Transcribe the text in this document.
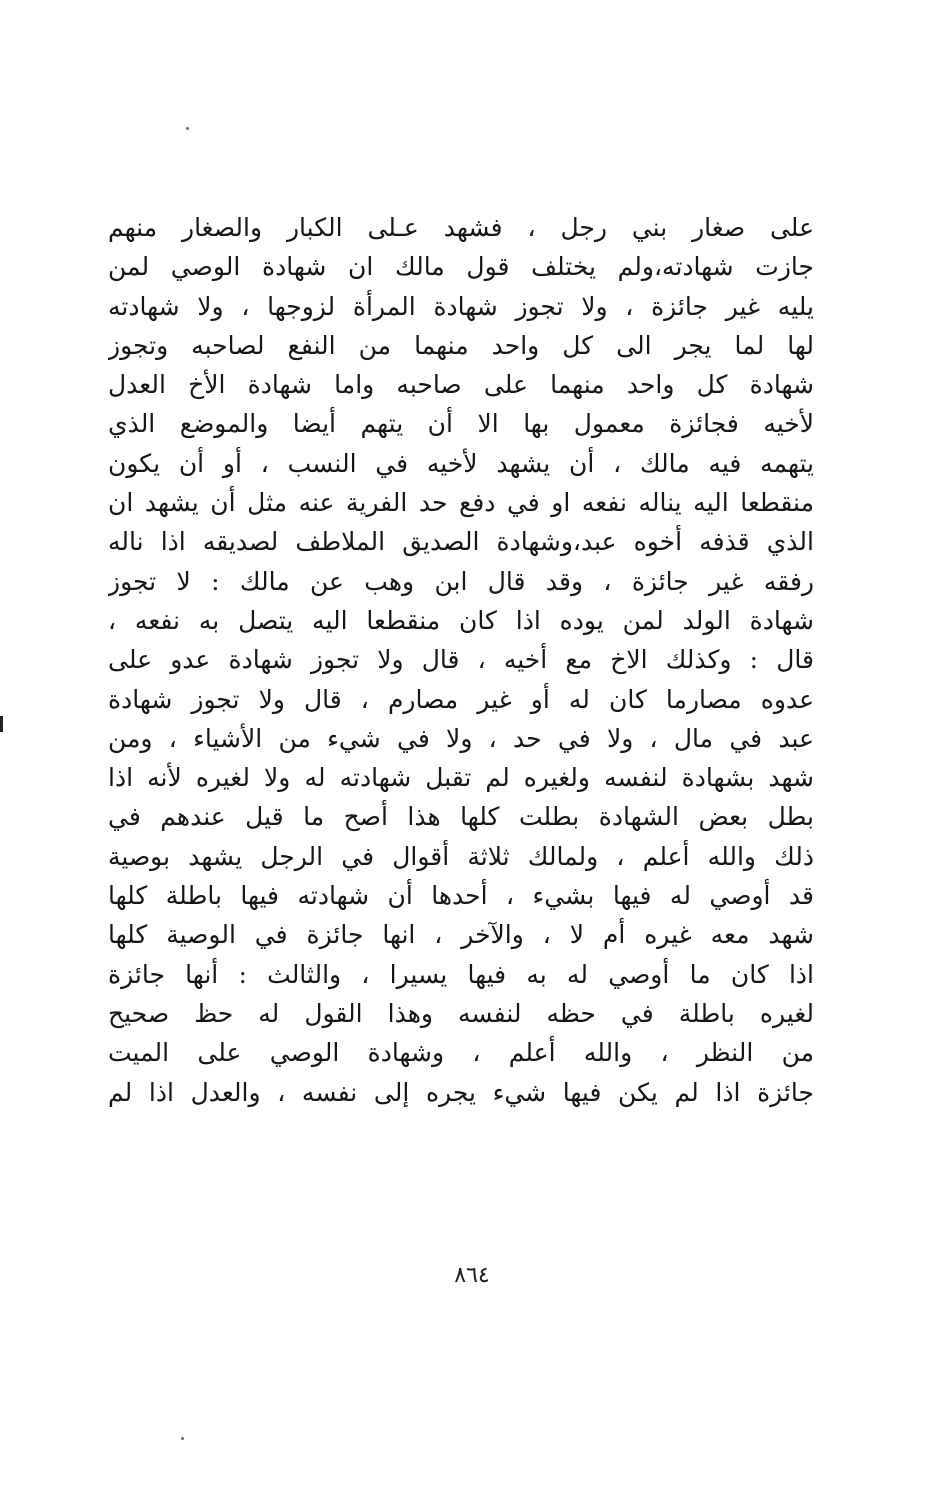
على صغار بني رجل ، فشهد عـلى الكبار والصغار منهم
جازت شهادته،ولم يختلف قول مالك ان شهادة الوصي لمن
يليه غير جائزة ، ولا تجوز شهادة المرأة لزوجها ، ولا شهادته
لها لما يجر الى كل واحد منهما من النفع لصاحبه وتجوز
شهادة كل واحد منهما على صاحبه واما شهادة الأخ العدل
لأخيه فجائزة معمول بها الا أن يتهم أيضا والموضع الذي
يتهمه فيه مالك ، أن يشهد لأخيه في النسب ، أو أن يكون
منقطعا اليه يناله نفعه او في دفع حد الفرية عنه مثل أن يشهد ان
الذي قذفه أخوه عبد،وشهادة الصديق الملاطف لصديقه اذا ناله
رفقه غير جائزة ، وقد قال ابن وهب عن مالك : لا تجوز
شهادة الولد لمن يوده اذا كان منقطعا اليه يتصل به نفعه ،
قال : وكذلك الاخ مع أخيه ، قال ولا تجوز شهادة عدو على
عدوه مصارما كان له أو غير مصارم ، قال ولا تجوز شهادة
عبد في مال ، ولا في حد ، ولا في شيء من الأشياء ، ومن
شهد بشهادة لنفسه ولغيره لم تقبل شهادته له ولا لغيره لأنه اذا
بطل بعض الشهادة بطلت كلها هذا أصح ما قيل عندهم في
ذلك والله أعلم ، ولمالك ثلاثة أقوال في الرجل يشهد بوصية
قد أوصي له فيها بشيء ، أحدها أن شهادته فيها باطلة كلها
شهد معه غيره أم لا ، والآخر ، انها جائزة في الوصية كلها
اذا كان ما أوصي له به فيها يسيرا ، والثالث : أنها جائزة
لغيره باطلة في حظه لنفسه وهذا القول له حظ صحيح
من النظر ، والله أعلم ، وشهادة الوصي على الميت
جائزة اذا لم يكن فيها شيء يجره إلى نفسه ، والعدل اذا لم
٨٦٤
